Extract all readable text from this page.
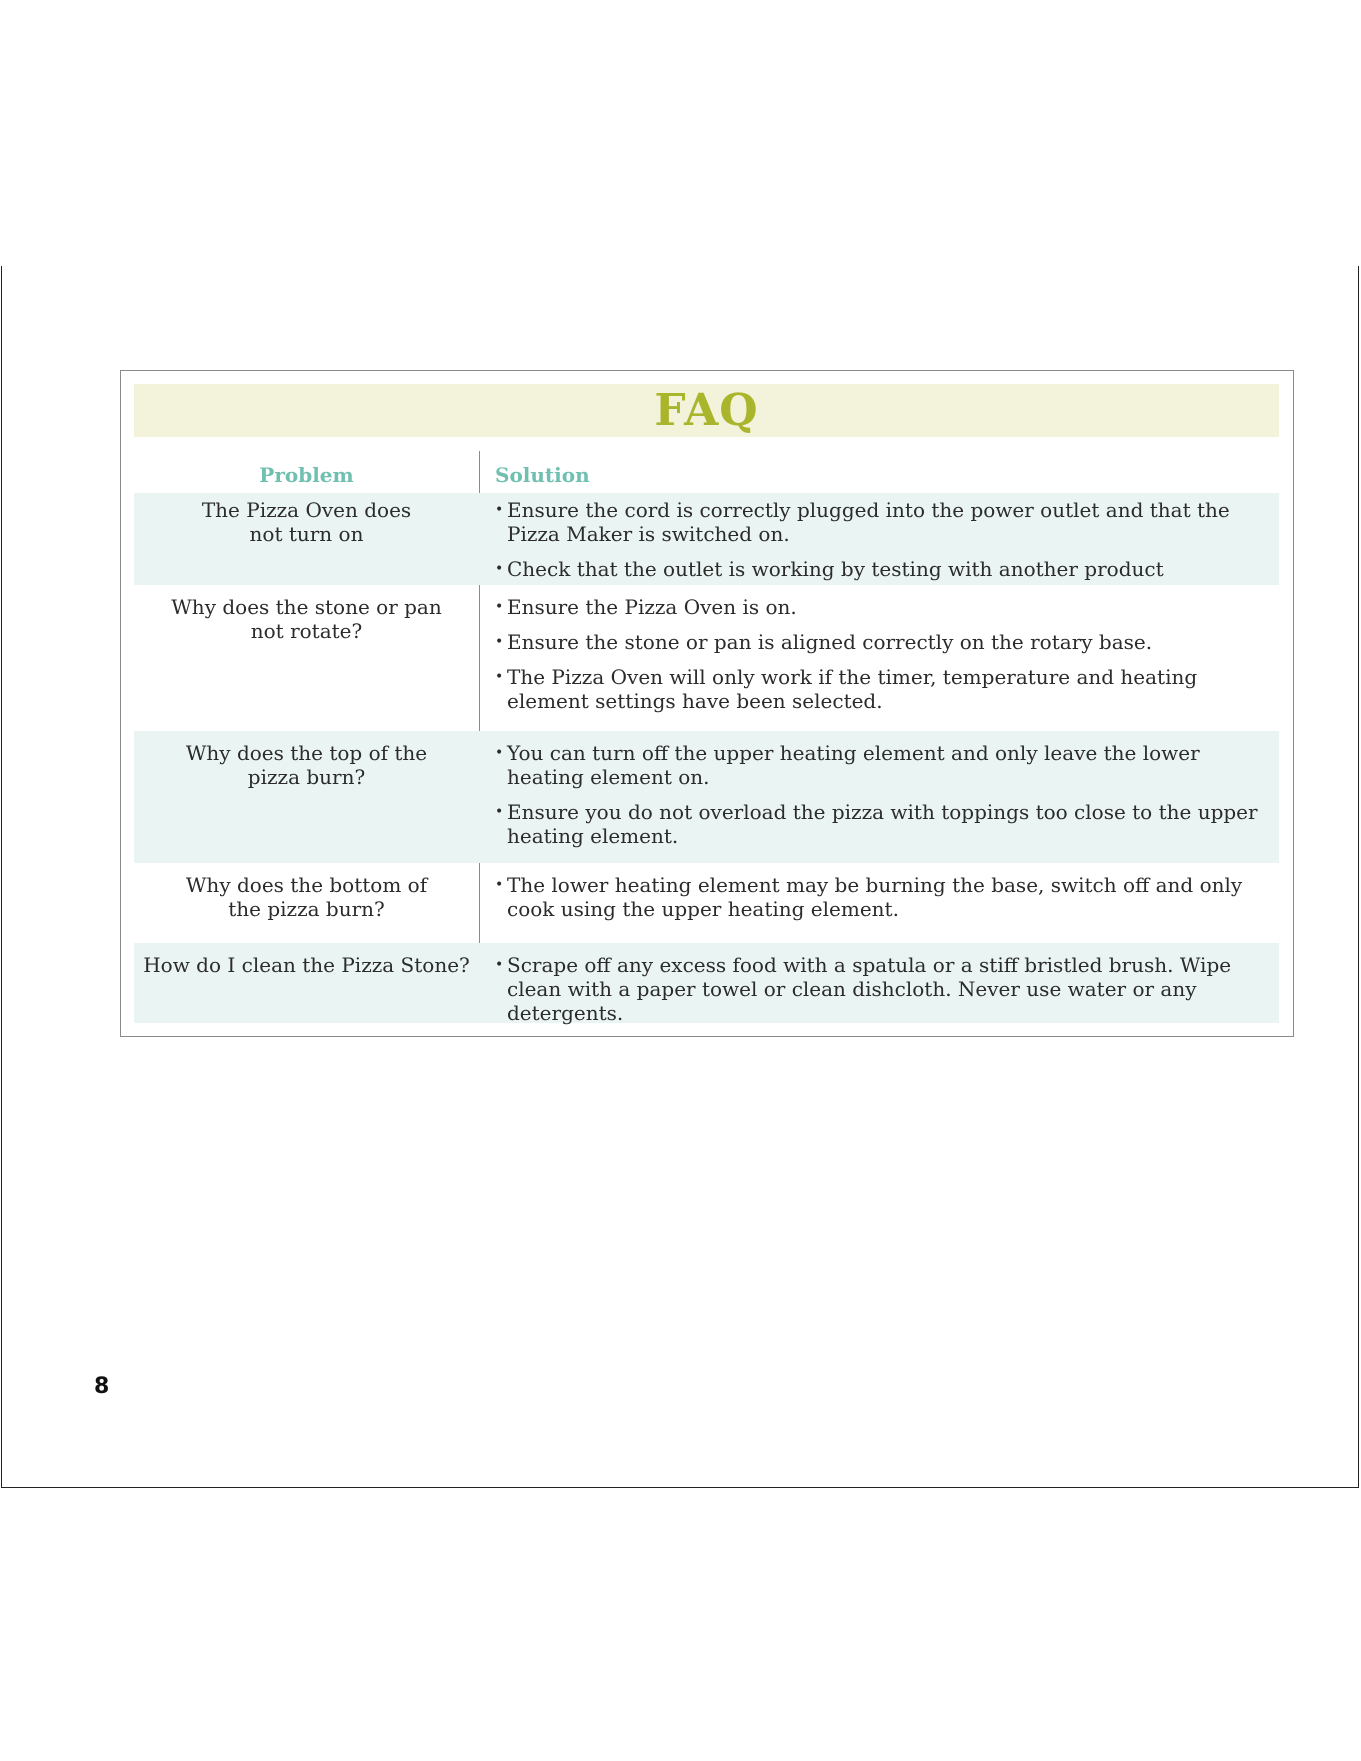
FAQ
Problem	Solution
The Pizza Oven does
not turn on
• Ensure the cord is correctly plugged into the power outlet and that the Pizza Maker is switched on.
• Check that the outlet is working by testing with another product
Why does the stone or pan
not rotate?
• Ensure the Pizza Oven is on.
• Ensure the stone or pan is aligned correctly on the rotary base.
• The Pizza Oven will only work if the timer, temperature and heating element settings have been selected.
Why does the top of the
pizza burn?
• You can turn off the upper heating element and only leave the lower heating element on.
• Ensure you do not overload the pizza with toppings too close to the upper heating element.
Why does the bottom of
the pizza burn?
• The lower heating element may be burning the base, switch off and only cook using the upper heating element.
How do I clean the Pizza Stone?
•	Scrape off any excess food with a spatula or a stiff bristled brush. Wipe clean with a paper towel or clean dishcloth. Never use water or any detergents.
8
